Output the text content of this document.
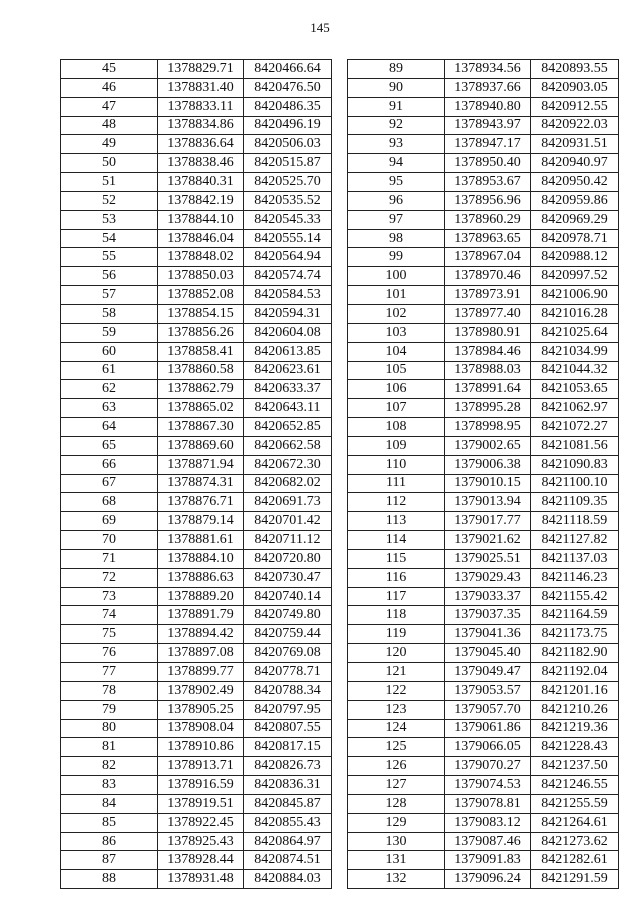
145
45	1378829.71	8420466.64
46	1378831.40	8420476.50
47	1378833.11	8420486.35
48	1378834.86	8420496.19
49	1378836.64	8420506.03
50	1378838.46	8420515.87
51	1378840.31	8420525.70
52	1378842.19	8420535.52
53	1378844.10	8420545.33
54	1378846.04	8420555.14
55	1378848.02	8420564.94
56	1378850.03	8420574.74
57	1378852.08	8420584.53
58	1378854.15	8420594.31
59	1378856.26	8420604.08
60	1378858.41	8420613.85
61	1378860.58	8420623.61
62	1378862.79	8420633.37
63	1378865.02	8420643.11
64	1378867.30	8420652.85
65	1378869.60	8420662.58
66	1378871.94	8420672.30
67	1378874.31	8420682.02
68	1378876.71	8420691.73
69	1378879.14	8420701.42
70	1378881.61	8420711.12
71	1378884.10	8420720.80
72	1378886.63	8420730.47
73	1378889.20	8420740.14
74	1378891.79	8420749.80
75	1378894.42	8420759.44
76	1378897.08	8420769.08
77	1378899.77	8420778.71
78	1378902.49	8420788.34
79	1378905.25	8420797.95
80	1378908.04	8420807.55
81	1378910.86	8420817.15
82	1378913.71	8420826.73
83	1378916.59	8420836.31
84	1378919.51	8420845.87
85	1378922.45	8420855.43
86	1378925.43	8420864.97
87	1378928.44	8420874.51
88	1378931.48	8420884.03
89	1378934.56	8420893.55
90	1378937.66	8420903.05
91	1378940.80	8420912.55
92	1378943.97	8420922.03
93	1378947.17	8420931.51
94	1378950.40	8420940.97
95	1378953.67	8420950.42
96	1378956.96	8420959.86
97	1378960.29	8420969.29
98	1378963.65	8420978.71
99	1378967.04	8420988.12
100	1378970.46	8420997.52
101	1378973.91	8421006.90
102	1378977.40	8421016.28
103	1378980.91	8421025.64
104	1378984.46	8421034.99
105	1378988.03	8421044.32
106	1378991.64	8421053.65
107	1378995.28	8421062.97
108	1378998.95	8421072.27
109	1379002.65	8421081.56
110	1379006.38	8421090.83
111	1379010.15	8421100.10
112	1379013.94	8421109.35
113	1379017.77	8421118.59
114	1379021.62	8421127.82
115	1379025.51	8421137.03
116	1379029.43	8421146.23
117	1379033.37	8421155.42
118	1379037.35	8421164.59
119	1379041.36	8421173.75
120	1379045.40	8421182.90
121	1379049.47	8421192.04
122	1379053.57	8421201.16
123	1379057.70	8421210.26
124	1379061.86	8421219.36
125	1379066.05	8421228.43
126	1379070.27	8421237.50
127	1379074.53	8421246.55
128	1379078.81	8421255.59
129	1379083.12	8421264.61
130	1379087.46	8421273.62
131	1379091.83	8421282.61
132	1379096.24	8421291.59
